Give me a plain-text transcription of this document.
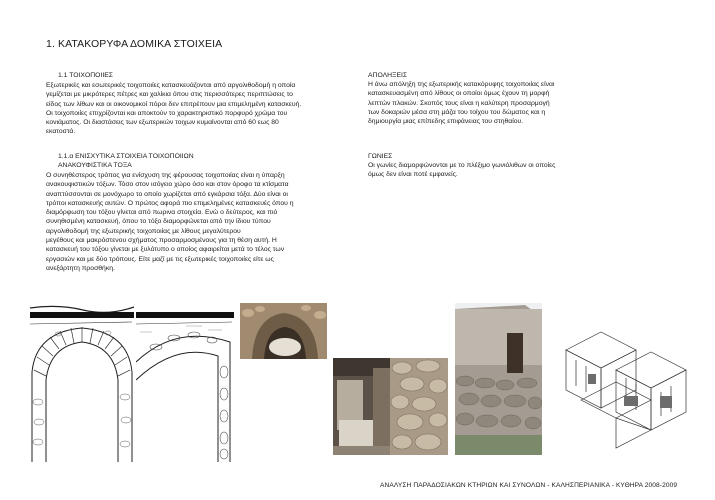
1. ΚΑΤΑΚΟΡΥΦΑ ΔΟΜΙΚΑ ΣΤΟΙΧΕΙΑ
1.1 ΤΟΙΧΟΠΟΙΙΕΣ
Εξωτερικές και εσωτερικές τοιχοποιίες κατασκευάζονται από αργολιθοδομή η οποία
γεμίζεται με μικρότερες πέτρες και χαλίκια όπου στις περισσότερες περιπτώσεις το
είδος των λίθων και οι οικονομικοί πόροι δεν επιτρέπουν μια επιμελημένη κατασκευή.
Οι τοιχοποιίες επιχρίζονται και αποκτούν το χαρακτηριστικό πορφυρό χρώμα του
κονιάματος. Οι διαστάσεις των εξωτερικών τοιχων κυμαίνονται από 60 εως 80
εκατοστά.
1.1.α ΕΝΙΣΧΥΤΙΚΑ ΣΤΟΙΧΕΙΑ ΤΟΙΧΟΠΟΙΙΩΝ
ΑΝΑΚΟΥΦΙΣΤΙΚΑ ΤΟΞΑ
Ο συνηθέστερος τρόπος για ενίσχυση της φέρουσας τοιχοποιίας είναι η ύπαρξη
ανακουφιστικών τόξων. Τόσο στον ισόγειο χώρο όσο και στον όροφο τα κτίσματα
αναπτύσσονται σε μονόχωρο το οποίο χωρίζεται από εγκάρσια τόξα. Δύο είναι οι
τρόποι κατασκευής αυτών. Ο πρώτος αφορά πιο επιμελημένες κατασκευές όπου η
διαμόρφωση του τόξου γίνεται από πωρινα στοιχεία. Ενώ ο δεύτερος, και πιό
συνηθισμένη κατασκευή, όπου το τόξο διαμορφώνεται από την ίδιου τύπου
αργολιθοδομή της εξωτερικής τοιχοποιίας με λίθους μεγαλύτερου
μεγέθους και μακρόστενου σχήματος προσαρμοσμένους για τη θέση αυτή. Η
κατασκευή του τόξου γίνεται με ξυλότυπο ο οποίος αφαιρείται μετά το τέλος των
εργασιών και με δύο τρόπους. Είτε μαζί με τις εξωτερικές τοιχοποιίες είτε ως
ανεξάρτητη προσθήκη.
ΑΠΟΛΗΞΕΙΣ
Η άνω απόληξη της εξωτερικής κατακόρυφης τοιχοποιίας είναι
κατασκευασμένη από λίθους οι οποίοι όμως έχουν τη μορφή
λεπτών πλακών. Σκοπός τους είναι η καλύτερη προσαρμογή
των δοκαριών μέσα στη μάζα του τοίχου του δώματος και η
δημιουργία μιας επίπεδης επιφάνειας του στηθαίου.
ΓΩΝΙΕΣ
Οι γωνίες διαμορφώνονται με το πλέξιμο γωνιόλιθων οι οποίες
όμως δεν είναι ποτέ εμφανείς.
ΑΝΑΛΥΣΗ ΠΑΡΑΔΟΣΙΑΚΩΝ ΚΤΗΡΙΩΝ ΚΑΙ ΣΥΝΟΛΩΝ - ΚΑΛΗΣΠΕΡΙΑΝΙΚΑ - ΚΥΘΗΡΑ 2008-2009
